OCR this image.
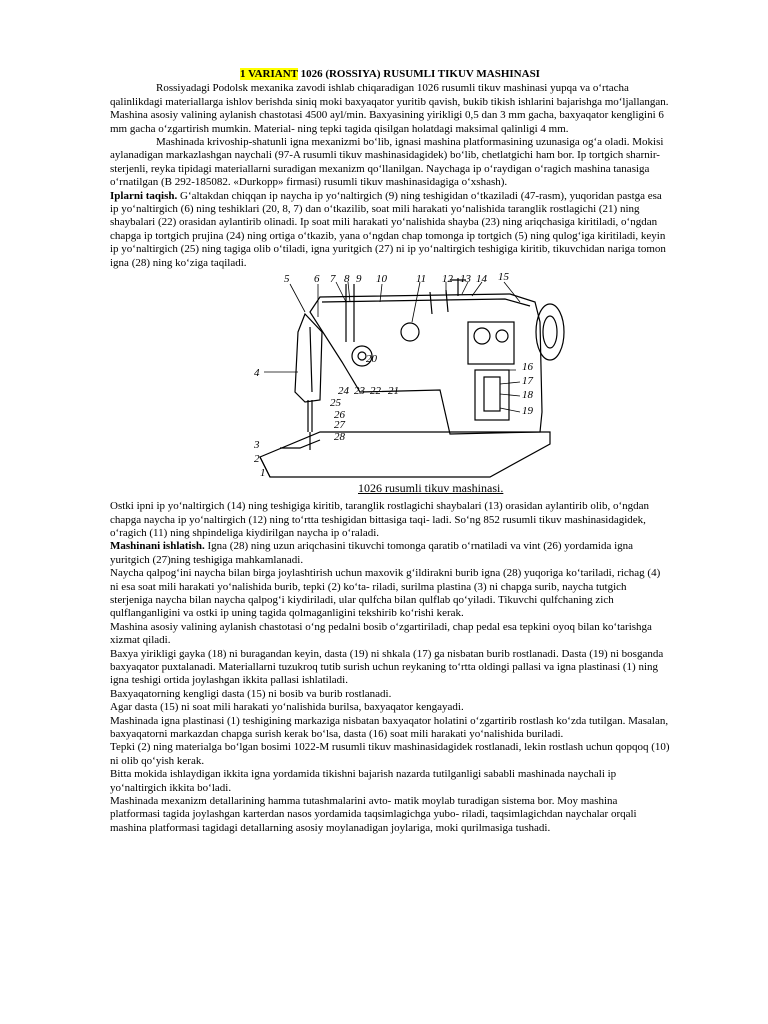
1 VARIANT 1026 (ROSSIYA) RUSUMLI TIKUV MASHINASI

Rossiyadagi Podolsk mexanika zavodi ishlab chiqaradigan 1026 rusumli tikuv mashinasi yupqa va o‘rtacha qalinlikdagi materiallarga ishlov berishda siniq moki baxyaqator yuritib qavish, bukib tikish ishlarini bajarishga mo‘ljallangan. Mashina asosiy valining aylanish chastotasi 4500 ayl/min. Baxyasining yirikligi 0,5 dan 3 mm gacha, baxyaqator kengligini 6 mm gacha o‘zgartirish mumkin. Material- ning tepki tagida qisilgan holatdagi maksimal qalinligi 4 mm.

Mashinada krivoship-shatunli igna mexanizmi bo‘lib, ignasi mashina platformasining uzunasiga og‘a oladi. Mokisi aylanadigan markazlashgan naychali (97-A rusumli tikuv mashinasidagidek) bo‘lib, chetlatgichi ham bor. Ip tortgich sharnir-sterjenli, reyka tipidagi materiallarni suradigan mexanizm qo‘llanilgan. Naychaga ip o‘raydigan o‘ragich mashina tanasiga o‘rnatilgan (B 292-185082. «Durkopp» firmasi) rusumli tikuv mashinasidagiga o‘xshash).

Iplarni taqish. G‘altakdan chiqqan ip naycha ip yo‘naltirgich (9) ning teshigidan o‘tkaziladi (47-rasm), yuqoridan pastga esa ip yo‘naltirgich (6) ning teshiklari (20, 8, 7) dan o‘tkazilib, soat mili harakati yo‘nalishida taranglik rostlagichi (21) ning shaybalari (22) orasidan aylantirib olinadi. Ip soat mili harakati yo‘nalishida shayba (23) ning ariqchasiga kiritiladi, o‘ngdan chapga ip tortgich prujina (24) ning ortiga o‘tkazib, yana o‘ngdan chap tomonga ip tortgich (5) ning qulog‘iga kiritiladi, keyin ip yo‘naltirgich (25) ning tagiga olib o‘tiladi, igna yuritgich (27) ni ip yo‘naltirgich teshigiga kiritib, tikuvchidan nariga tomon igna (28) ning ko‘ziga taqiladi.

5 6 7 8 9 10	11 12 13 14 15
4
20
24 23 22 21
25
26
27
28
16
17
18
19
3
2
1
1026 rusumli tikuv mashinasi.

Ostki ipni ip yo‘naltirgich (14) ning teshigiga kiritib, taranglik rostlagichi shaybalari (13) orasidan aylantirib olib, o‘ngdan chapga naycha ip yo‘naltirgich (12) ning to‘rtta teshigidan bittasiga taqi- ladi. So‘ng 852 rusumli tikuv mashinasidagidek, o‘ragich (11) ning shpindeliga kiydirilgan naycha ip o‘raladi.

Mashinani ishlatish. Igna (28) ning uzun ariqchasini tikuvchi tomonga qaratib o‘rnatiladi va vint (26) yordamida igna yuritgich (27)ning teshigiga mahkamlanadi.

Naycha qalpog‘ini naycha bilan birga joylashtirish uchun maxovik g‘ildirakni burib igna (28) yuqoriga ko‘tariladi, richag (4) ni esa soat mili harakati yo‘nalishida burib, tepki (2) ko‘ta- riladi, surilma plastina (3) ni chapga surib, naycha tutgich sterjeniga naycha bilan naycha qalpog‘i kiydiriladi, ular qulfcha bilan qulflab qo‘yiladi. Tikuvchi qulfchaning zich qulflanganligini va ostki ip uning tagida qolmaganligini tekshirib ko‘rishi kerak.

Mashina asosiy valining aylanish chastotasi o‘ng pedalni bosib o‘zgartiriladi, chap pedal esa tepkini oyoq bilan ko‘tarishga xizmat qiladi.

Baxya yirikligi gayka (18) ni buragandan keyin, dasta (19) ni shkala (17) ga nisbatan burib rostlanadi. Dasta (19) ni bosganda baxyaqator puxtalanadi. Materiallarni tuzukroq tutib surish uchun reykaning to‘rtta oldingi pallasi va igna plastinasi (1) ning igna teshigi ortida joylashgan ikkita pallasi ishlatiladi.

Baxyaqatorning kengligi dasta (15) ni bosib va burib rostlanadi.

Agar dasta (15) ni soat mili harakati yo‘nalishida burilsa, baxyaqator kengayadi.

Mashinada igna plastinasi (1) teshigining markaziga nisbatan baxyaqator holatini o‘zgartirib rostlash ko‘zda tutilgan. Masalan, baxyaqatorni markazdan chapga surish kerak bo‘lsa, dasta (16) soat mili harakati yo‘nalishida buriladi.

Tepki (2) ning materialga bo‘lgan bosimi 1022-M rusumli tikuv mashinasidagidek rostlanadi, lekin rostlash uchun qopqoq (10) ni olib qo‘yish kerak.

Bitta mokida ishlaydigan ikkita igna yordamida tikishni bajarish nazarda tutilganligi sababli mashinada naychali ip yo‘naltirgich ikkita bo‘ladi.

Mashinada mexanizm detallarining hamma tutashmalarini avto- matik moylab turadigan sistema bor. Moy mashina platformasi tagida joylashgan karterdan nasos yordamida taqsimlagichga yubo- riladi, taqsimlagichdan naychalar orqali mashina platformasi tagidagi detallarning asosiy moylanadigan joylariga, moki qurilmasiga tushadi.
